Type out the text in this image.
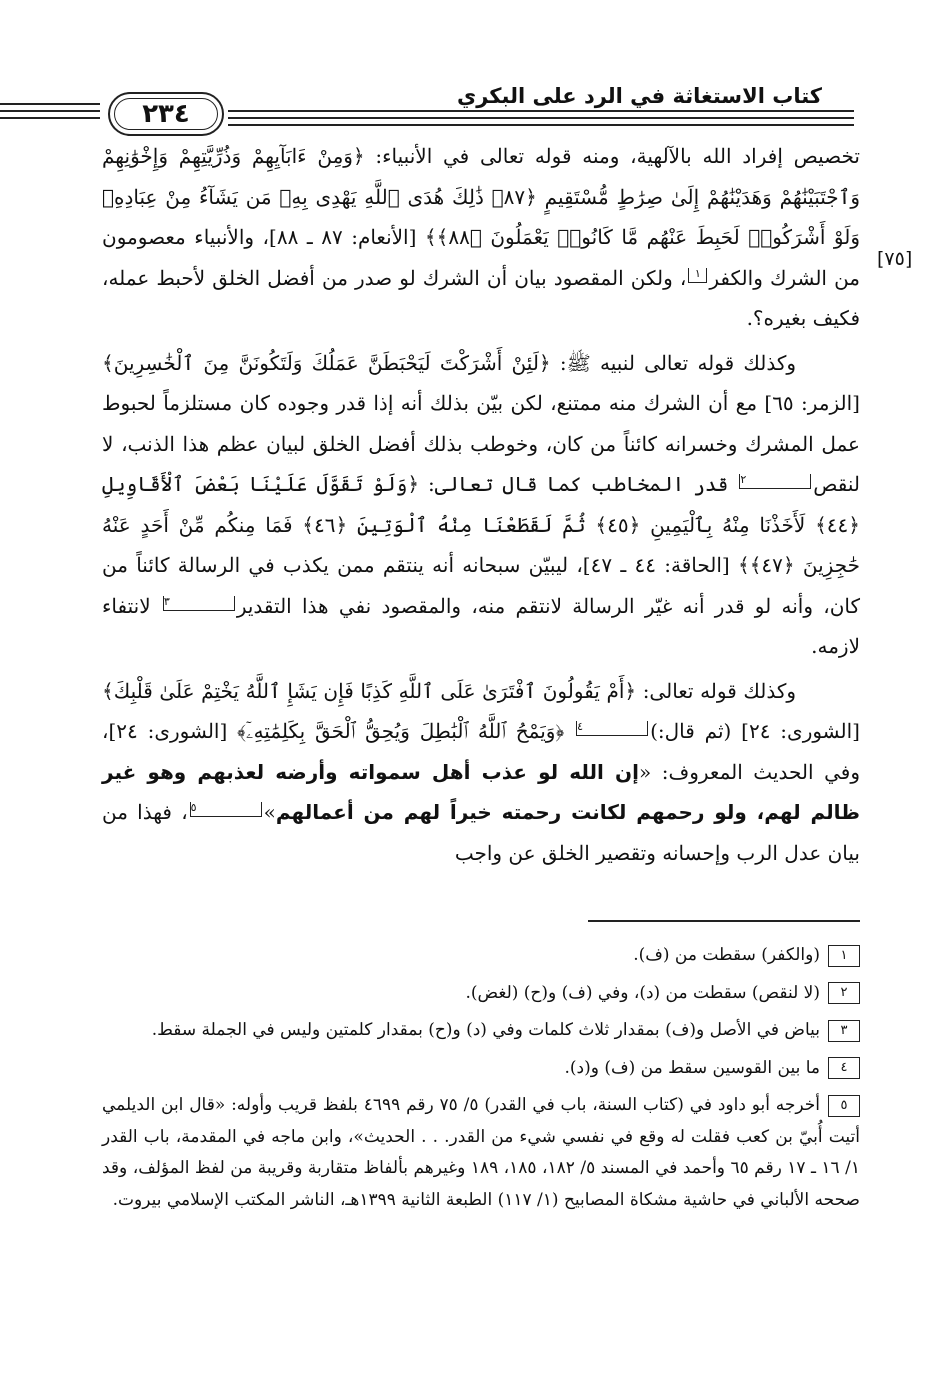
٢٣٤
كتاب الاستغاثة في الرد على البكري
[٧٥]

تخصيص إفراد الله بالآلهية، ومنه قوله تعالى في الأنبياء: ﴿وَمِنْ ءَابَآيِهِمْ وَذُرِّيَّتِهِمْ وَإِخْوَٰنِهِمْ وَٱجْتَبَيْنَٰهُمْ وَهَدَيْنَٰهُمْ إِلَىٰ صِرَٰطٍ مُّسْتَقِيمٍ ﴿٨٧﴾ ذَٰلِكَ هُدَى ٱللَّهِ يَهْدِى بِهِۦ مَن يَشَآءُ مِنْ عِبَادِهِۦ وَلَوْ أَشْرَكُوا۟ لَحَبِطَ عَنْهُم مَّا كَانُوا۟ يَعْمَلُونَ ﴿٨٨﴾﴾ [الأنعام: ٨٧ ـ ٨٨]، والأنبياء معصومون من الشرك والكفر١، ولكن المقصود بيان أن الشرك لو صدر من أفضل الخلق لأحبط عمله، فكيف بغيره؟.

وكذلك قوله تعالى لنبيه ﷺ: ﴿لَئِنْ أَشْرَكْتَ لَيَحْبَطَنَّ عَمَلُكَ وَلَتَكُونَنَّ مِنَ ٱلْخَٰسِرِينَ﴾ [الزمر: ٦٥] مع أن الشرك منه ممتنع، لكن بيّن بذلك أنه إذا قدر وجوده كان مستلزماً لحبوط عمل المشرك وخسرانه كائناً من كان، وخوطب بذلك أفضل الخلق لبيان عظم هذا الذنب، لا لنقص٢ قدر المخاطب كما قال تعالى: ﴿وَلَوْ تَقَوَّلَ عَلَيْنَا بَعْضَ ٱلْأَقَاوِيلِ ﴿٤٤﴾ لَأَخَذْنَا مِنْهُ بِٱلْيَمِينِ ﴿٤٥﴾ ثُمَّ لَقَطَعْنَا مِنْهُ ٱلْوَتِينَ ﴿٤٦﴾ فَمَا مِنكُم مِّنْ أَحَدٍ عَنْهُ حَٰجِزِينَ ﴿٤٧﴾﴾ [الحاقة: ٤٤ ـ ٤٧]، ليبيّن سبحانه أنه ينتقم ممن يكذب في الرسالة كائناً من كان، وأنه لو قدر أنه غيّر الرسالة لانتقم منه، والمقصود نفي هذا التقدير٣ لانتفاء لازمه.

وكذلك قوله تعالى: ﴿أَمْ يَقُولُونَ ٱفْتَرَىٰ عَلَى ٱللَّهِ كَذِبًا فَإِن يَشَإِ ٱللَّهُ يَخْتِمْ عَلَىٰ قَلْبِكَ﴾ [الشورى: ٢٤] (ثم قال:)٤ ﴿وَيَمْحُ ٱللَّهُ ٱلْبَٰطِلَ وَيُحِقُّ ٱلْحَقَّ بِكَلِمَٰتِهِۦٓ﴾ [الشورى: ٢٤]، وفي الحديث المعروف: «إن الله لو عذب أهل سمواته وأرضه لعذبهم وهو غير ظالم لهم، ولو رحمهم لكانت رحمته خيراً لهم من أعمالهم»٥، فهذا من بيان عدل الرب وإحسانه وتقصير الخلق عن واجب

١(والكفر) سقطت من (ف).

٢(لا لنقص) سقطت من (د)، وفي (ف) و(ح) (لغض).

٣بياض في الأصل و(ف) بمقدار ثلاث كلمات وفي (د) و(ح) بمقدار كلمتين وليس في الجملة سقط.

٤ما بين القوسين سقط من (ف) و(د).

٥أخرجه أبو داود في (كتاب السنة، باب في القدر) ٥/ ٧٥ رقم ٤٦٩٩ بلفظ قريب وأوله: «قال ابن الديلمي أتيت أُبيّ بن كعب فقلت له وقع في نفسي شيء من القدر. . . الحديث»، وابن ماجه في المقدمة، باب القدر ١/ ١٦ ـ ١٧ رقم ٦٥ وأحمد في المسند ٥/ ١٨٢، ١٨٥، ١٨٩ وغيرهم بألفاظ متقاربة وقريبة من لفظ المؤلف، وقد صححه الألباني في حاشية مشكاة المصابيح (١/ ١١٧) الطبعة الثانية ١٣٩٩هـ، الناشر المكتب الإسلامي بيروت.
